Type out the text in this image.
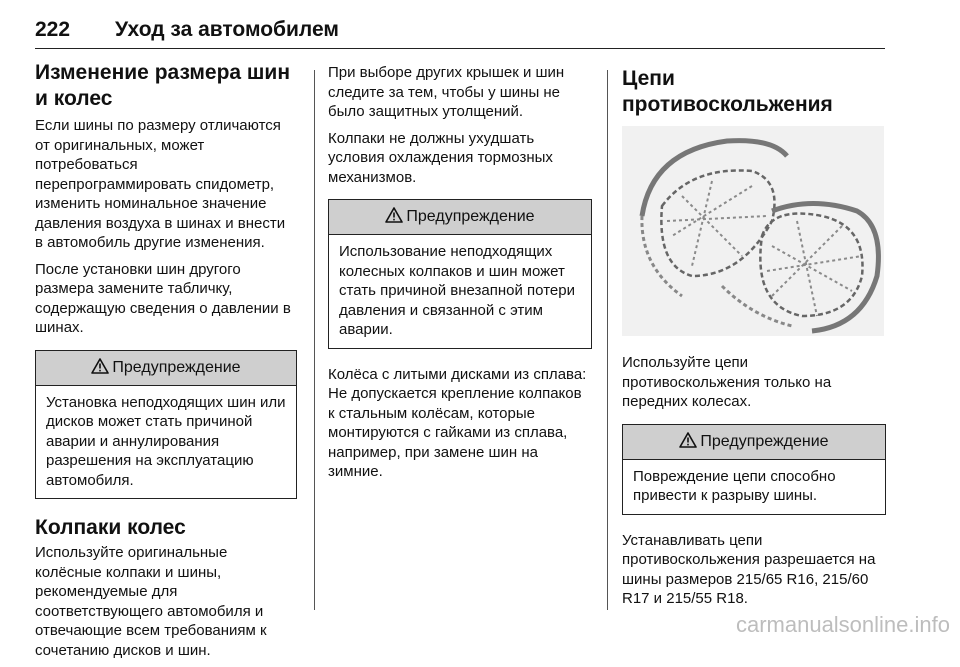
222 Уход за автомобилем
Изменение размера шин и колес

Если шины по размеру отличаются от оригинальных, может потребоваться перепрограммировать спидометр, изменить номинальное значение давления воздуха в шинах и внести в автомобиль другие изменения.

После установки шин другого размера замените табличку, содержащую сведения о давлении в шинах.

Предупреждение
Установка неподходящих шин или дисков может стать причиной аварии и аннулирования разрешения на эксплуатацию автомобиля.
Колпаки колес

Используйте оригинальные колёсные колпаки и шины, рекомендуемые для соответствующего автомобиля и отвечающие всем требованиям к сочетанию дисков и шин.

При выборе других крышек и шин следите за тем, чтобы у шины не было защитных утолщений.

Колпаки не должны ухудшать условия охлаждения тормозных механизмов.

Предупреждение
Использование неподходящих колесных колпаков и шин может стать причиной внезапной потери давления и связанной с этим аварии.

Колёса с литыми дисками из сплава: Не допускается крепление колпаков к стальным колёсам, которые монтируются с гайками из сплава, например, при замене шин на зимние.

Цепи противоскольжения

Используйте цепи противоскольжения только на передних колесах.

Предупреждение
Повреждение цепи способно привести к разрыву шины.

Устанавливать цепи противоскольжения разрешается на шины размеров 215/65 R16, 215/60 R17 и 215/55 R18.

carmanualsonline.info
